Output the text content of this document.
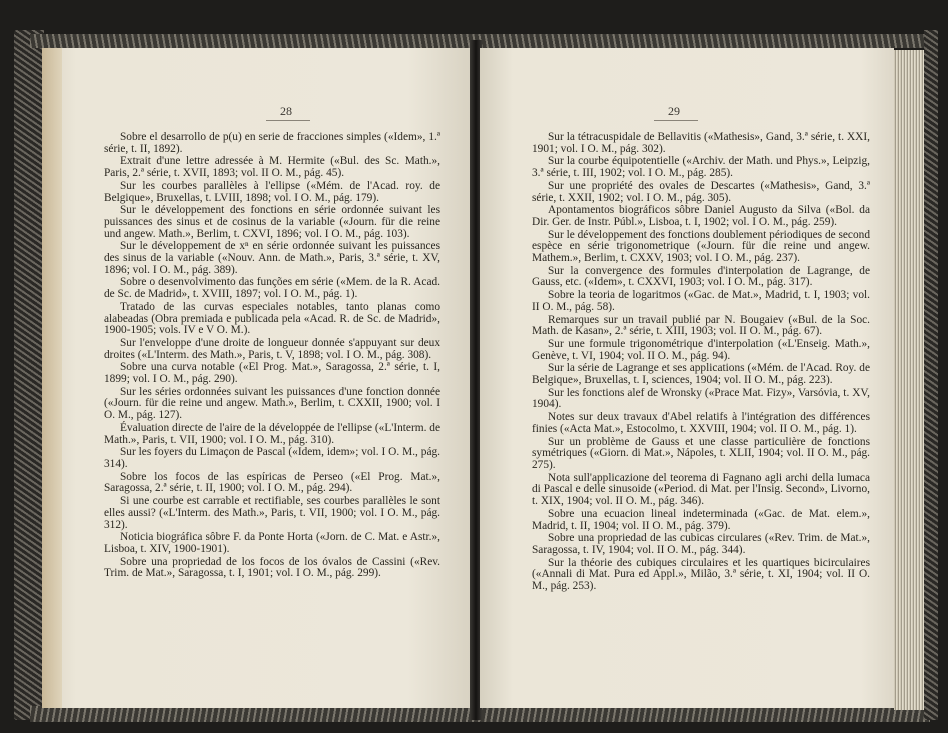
28

Sobre el desarrollo de p(u) en serie de fracciones simples («Idem», 1.ª série, t. II, 1892).

Extrait d'une lettre adressée à M. Hermite («Bul. des Sc. Math.», Paris, 2.ª série, t. XVII, 1893; vol. II O. M., pág. 45).

Sur les courbes parallèles à l'ellipse («Mém. de l'Acad. roy. de Belgique», Bruxellas, t. LVIII, 1898; vol. I O. M., pág. 179).

Sur le développement des fonctions en série ordonnée suivant les puissances des sinus et de cosinus de la variable («Journ. für die reine und angew. Math.», Berlim, t. CXVI, 1896; vol. I O. M., pág. 103).

Sur le développement de xⁿ en série ordonnée suivant les puissances des sinus de la variable («Nouv. Ann. de Math.», Paris, 3.ª série, t. XV, 1896; vol. I O. M., pág. 389).

Sobre o desenvolvimento das funções em série («Mem. de la R. Acad. de Sc. de Madrid», t. XVIII, 1897; vol. I O. M., pág. 1).

Tratado de las curvas especiales notables, tanto planas como alabeadas (Obra premiada e publicada pela «Acad. R. de Sc. de Madrid», 1900-1905; vols. IV e V O. M.).

Sur l'enveloppe d'une droite de longueur donnée s'appuyant sur deux droites («L'Interm. des Math.», Paris, t. V, 1898; vol. I O. M., pág. 308).

Sobre una curva notable («El Prog. Mat.», Saragossa, 2.ª série, t. I, 1899; vol. I O. M., pág. 290).

Sur les séries ordonnées suivant les puissances d'une fonction donnée («Journ. für die reine und angew. Math.», Berlim, t. CXXII, 1900; vol. I O. M., pág. 127).

Évaluation directe de l'aire de la développée de l'ellipse («L'Interm. de Math.», Paris, t. VII, 1900; vol. I O. M., pág. 310).

Sur les foyers du Limaçon de Pascal («Idem, idem»; vol. I O. M., pág. 314).

Sobre los focos de las espíricas de Perseo («El Prog. Mat.», Saragossa, 2.ª série, t. II, 1900; vol. I O. M., pág. 294).

Si une courbe est carrable et rectifiable, ses courbes parallèles le sont elles aussi? («L'Interm. des Math.», Paris, t. VII, 1900; vol. I O. M., pág. 312).

Noticia biográfica sôbre F. da Ponte Horta («Jorn. de C. Mat. e Astr.», Lisboa, t. XIV, 1900-1901).

Sobre una propriedad de los focos de los óvalos de Cassini («Rev. Trim. de Mat.», Saragossa, t. I, 1901; vol. I O. M., pág. 299).

29

Sur la tétracuspidale de Bellavitis («Mathesis», Gand, 3.ª série, t. XXI, 1901; vol. I O. M., pág. 302).

Sur la courbe équipotentielle («Archiv. der Math. und Phys.», Leipzig, 3.ª série, t. III, 1902; vol. I O. M., pág. 285).

Sur une propriété des ovales de Descartes («Mathesis», Gand, 3.ª série, t. XXII, 1902; vol. I O. M., pág. 305).

Apontamentos biográficos sôbre Daniel Augusto da Silva («Bol. da Dir. Ger. de Instr. Públ.», Lisboa, t. I, 1902; vol. I O. M., pág. 259).

Sur le développement des fonctions doublement périodiques de second espèce en série trigonometrique («Journ. für die reine und angew. Mathem.», Berlim, t. CXXV, 1903; vol. I O. M., pág. 237).

Sur la convergence des formules d'interpolation de Lagrange, de Gauss, etc. («Idem», t. CXXVI, 1903; vol. I O. M., pág. 317).

Sobre la teoria de logaritmos («Gac. de Mat.», Madrid, t. I, 1903; vol. II O. M., pág. 58).

Remarques sur un travail publié par N. Bougaiev («Bul. de la Soc. Math. de Kasan», 2.ª série, t. XIII, 1903; vol. II O. M., pág. 67).

Sur une formule trigonométrique d'interpolation («L'Enseig. Math.», Genève, t. VI, 1904; vol. II O. M., pág. 94).

Sur la série de Lagrange et ses applications («Mém. de l'Acad. Roy. de Belgique», Bruxellas, t. I, sciences, 1904; vol. II O. M., pág. 223).

Sur les fonctions alef de Wronsky («Prace Mat. Fizy», Varsóvia, t. XV, 1904).

Notes sur deux travaux d'Abel relatifs à l'intégration des différences finies («Acta Mat.», Estocolmo, t. XXVIII, 1904; vol. II O. M., pág. 1).

Sur un problème de Gauss et une classe particulière de fonctions symétriques («Giorn. di Mat.», Nápoles, t. XLII, 1904; vol. II O. M., pág. 275).

Nota sull'applicazione del teorema di Fagnano agli archi della lumaca di Pascal e delle sinusoide («Period. di Mat. per l'Insig. Second», Livorno, t. XIX, 1904; vol. II O. M., pág. 346).

Sobre una ecuacion lineal indeterminada («Gac. de Mat. elem.», Madrid, t. II, 1904; vol. II O. M., pág. 379).

Sobre una propriedad de las cubicas circulares («Rev. Trim. de Mat.», Saragossa, t. IV, 1904; vol. II O. M., pág. 344).

Sur la théorie des cubiques circulaires et les quartiques bicirculaires («Annali di Mat. Pura ed Appl.», Milão, 3.ª série, t. XI, 1904; vol. II O. M., pág. 253).
